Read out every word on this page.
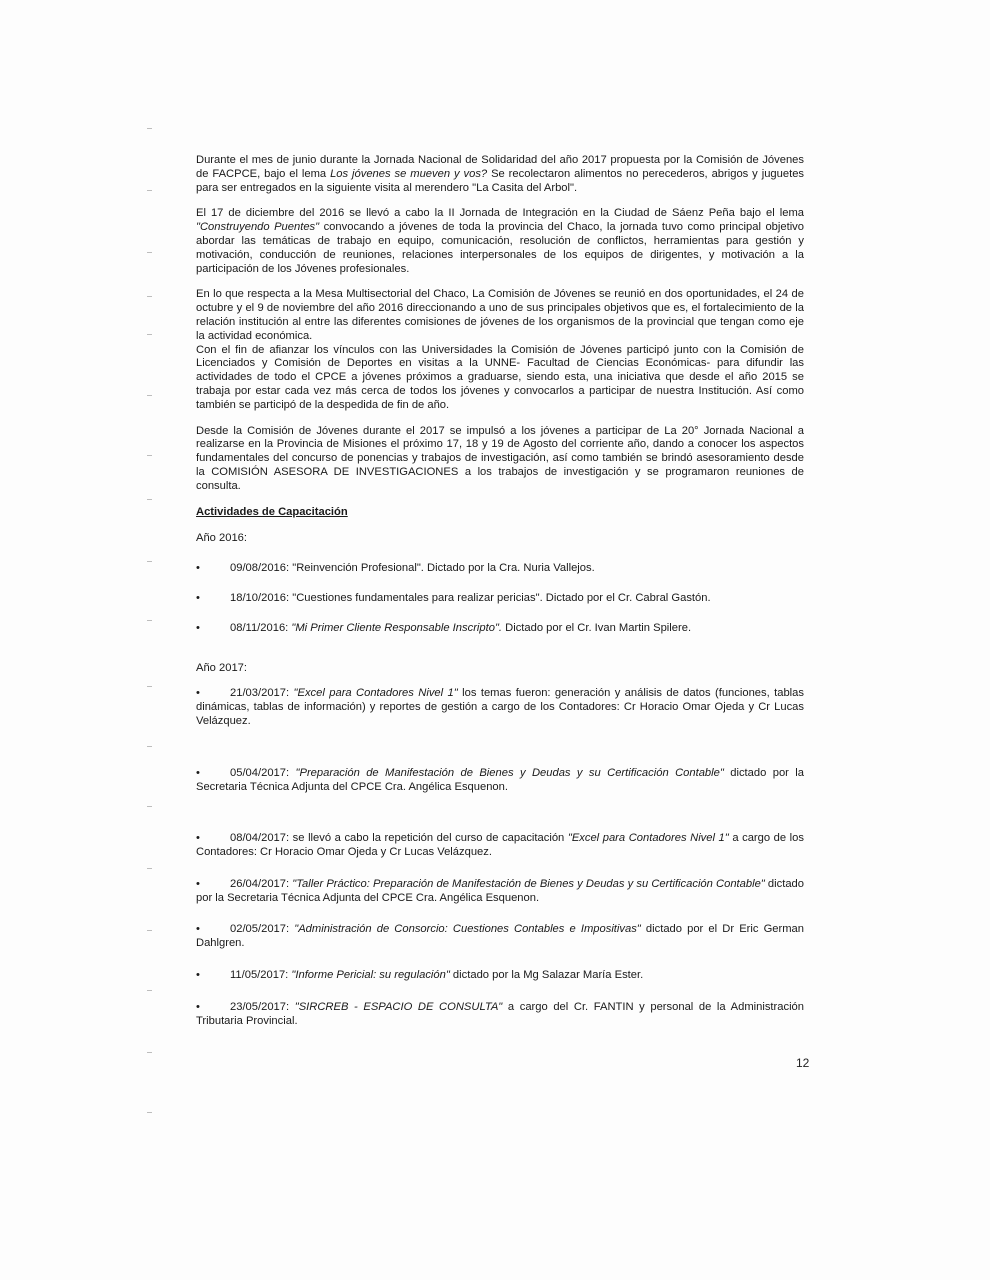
Durante el mes de junio durante la Jornada Nacional de Solidaridad del año 2017 propuesta por la Comisión de Jóvenes de FACPCE, bajo el lema Los jóvenes se mueven y vos? Se recolectaron alimentos no perecederos, abrigos y juguetes para ser entregados en la siguiente visita al merendero "La Casita del Arbol".

El 17 de diciembre del 2016 se llevó a cabo la II Jornada de Integración en la Ciudad de Sáenz Peña bajo el lema "Construyendo Puentes" convocando a jóvenes de toda la provincia del Chaco, la jornada tuvo como principal objetivo abordar las temáticas de trabajo en equipo, comunicación, resolución de conflictos, herramientas para gestión y motivación, conducción de reuniones, relaciones interpersonales de los equipos de dirigentes, y motivación a la participación de los Jóvenes profesionales.

En lo que respecta a la Mesa Multisectorial del Chaco, La Comisión de Jóvenes se reunió en dos oportunidades, el 24 de octubre y el 9 de noviembre del año 2016 direccionando a uno de sus principales objetivos que es, el fortalecimiento de la relación institución al entre las diferentes comisiones de jóvenes de los organismos de la provincial que tengan como eje la actividad económica.

Con el fin de afianzar los vínculos con las Universidades la Comisión de Jóvenes participó junto con la Comisión de Licenciados y Comisión de Deportes en visitas a la UNNE- Facultad de Ciencias Económicas- para difundir las actividades de todo el CPCE a jóvenes próximos a graduarse, siendo esta, una iniciativa que desde el año 2015 se trabaja por estar cada vez más cerca de todos los jóvenes y convocarlos a participar de nuestra Institución. Así como también se participó de la despedida de fin de año.

Desde la Comisión de Jóvenes durante el 2017 se impulsó a los jóvenes a participar de La 20° Jornada Nacional a realizarse en la Provincia de Misiones el próximo 17, 18 y 19 de Agosto del corriente año, dando a conocer los aspectos fundamentales del concurso de ponencias y trabajos de investigación, así como también se brindó asesoramiento desde la COMISIÓN ASESORA DE INVESTIGACIONES a los trabajos de investigación y se programaron reuniones de consulta.

Actividades de Capacitación
Año 2016:
•	09/08/2016: "Reinvención Profesional". Dictado por la Cra. Nuria Vallejos.
•	18/10/2016: "Cuestiones fundamentales para realizar pericias". Dictado por el Cr. Cabral Gastón.
•	08/11/2016: "Mi Primer Cliente Responsable Inscripto". Dictado por el Cr. Ivan Martin Spilere.
Año 2017:
•	21/03/2017: "Excel para Contadores Nivel 1" los temas fueron: generación y análisis de datos (funciones, tablas dinámicas, tablas de información) y reportes de gestión a cargo de los Contadores: Cr Horacio Omar Ojeda y Cr Lucas Velázquez.
•	05/04/2017: "Preparación de Manifestación de Bienes y Deudas y su Certificación Contable" dictado por la Secretaria Técnica Adjunta del CPCE Cra. Angélica Esquenon.
•	08/04/2017: se llevó a cabo la repetición del curso de capacitación "Excel para Contadores Nivel 1" a cargo de los Contadores: Cr Horacio Omar Ojeda y Cr Lucas Velázquez.
•	26/04/2017: "Taller Práctico: Preparación de Manifestación de Bienes y Deudas y su Certificación Contable" dictado por la Secretaria Técnica Adjunta del CPCE Cra. Angélica Esquenon.
•	02/05/2017: "Administración de Consorcio: Cuestiones Contables e Impositivas" dictado por el Dr Eric German Dahlgren.
•	11/05/2017: "Informe Pericial: su regulación" dictado por la Mg Salazar María Ester.
•	23/05/2017: "SIRCREB - ESPACIO DE CONSULTA" a cargo del Cr. FANTIN y personal de la Administración Tributaria Provincial.
12
